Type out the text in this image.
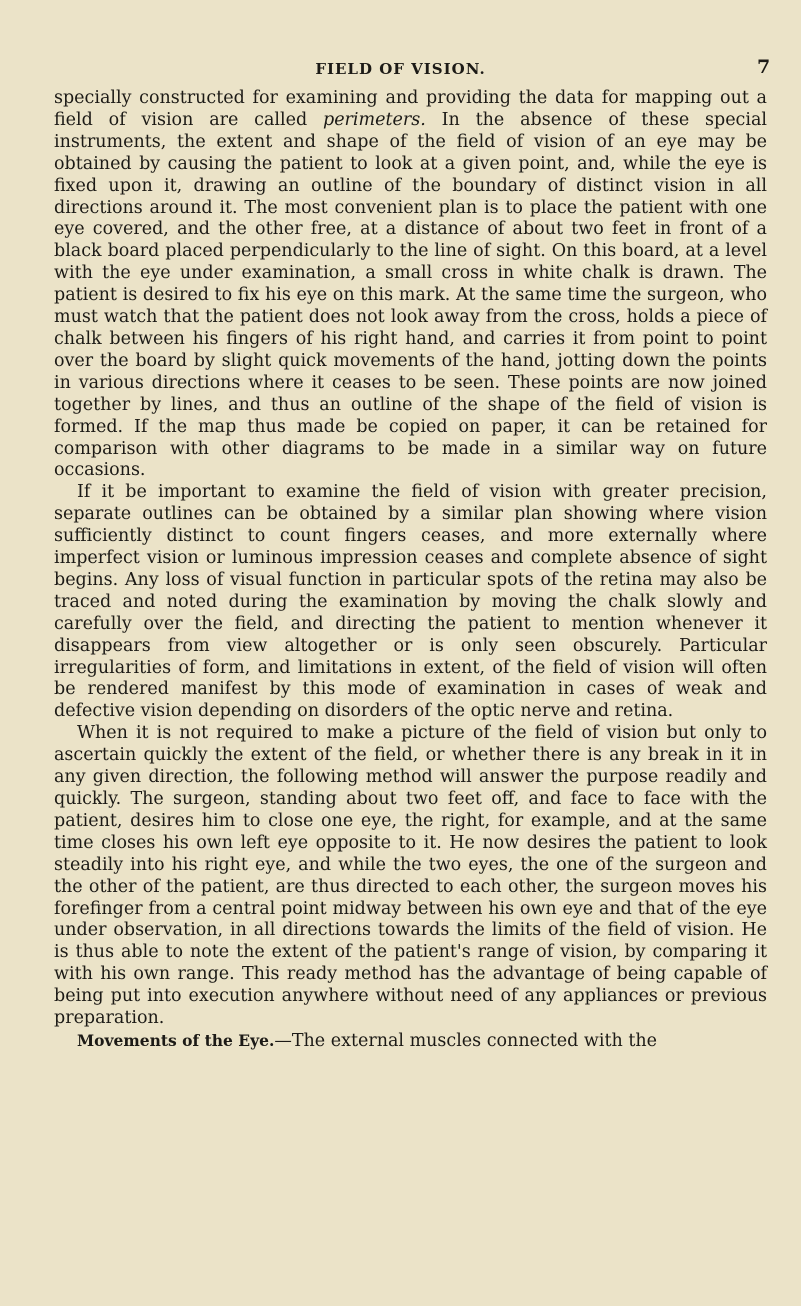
FIELD OF VISION.	7

specially constructed for examining and providing the data for mapping out a field of vision are called perimeters. In the absence of these special instruments, the extent and shape of the field of vision of an eye may be obtained by causing the patient to look at a given point, and, while the eye is fixed upon it, drawing an outline of the boundary of distinct vision in all directions around it. The most convenient plan is to place the patient with one eye covered, and the other free, at a distance of about two feet in front of a black board placed perpendicularly to the line of sight. On this board, at a level with the eye under examination, a small cross in white chalk is drawn. The patient is desired to fix his eye on this mark. At the same time the surgeon, who must watch that the patient does not look away from the cross, holds a piece of chalk between his fingers of his right hand, and carries it from point to point over the board by slight quick movements of the hand, jotting down the points in various directions where it ceases to be seen. These points are now joined together by lines, and thus an outline of the shape of the field of vision is formed. If the map thus made be copied on paper, it can be retained for comparison with other diagrams to be made in a similar way on future occasions.

If it be important to examine the field of vision with greater precision, separate outlines can be obtained by a similar plan showing where vision sufficiently distinct to count fingers ceases, and more externally where imperfect vision or luminous impression ceases and complete absence of sight begins. Any loss of visual function in particular spots of the retina may also be traced and noted during the examination by moving the chalk slowly and carefully over the field, and directing the patient to mention whenever it disappears from view altogether or is only seen obscurely. Particular irregularities of form, and limitations in extent, of the field of vision will often be rendered manifest by this mode of examination in cases of weak and defective vision depending on disorders of the optic nerve and retina.

When it is not required to make a picture of the field of vision but only to ascertain quickly the extent of the field, or whether there is any break in it in any given direction, the following method will answer the purpose readily and quickly. The surgeon, standing about two feet off, and face to face with the patient, desires him to close one eye, the right, for example, and at the same time closes his own left eye opposite to it. He now desires the patient to look steadily into his right eye, and while the two eyes, the one of the surgeon and the other of the patient, are thus directed to each other, the surgeon moves his forefinger from a central point midway between his own eye and that of the eye under observation, in all directions towards the limits of the field of vision. He is thus able to note the extent of the patient's range of vision, by comparing it with his own range. This ready method has the advantage of being capable of being put into execution anywhere without need of any appliances or previous preparation.

Movements of the Eye.—The external muscles connected with the
